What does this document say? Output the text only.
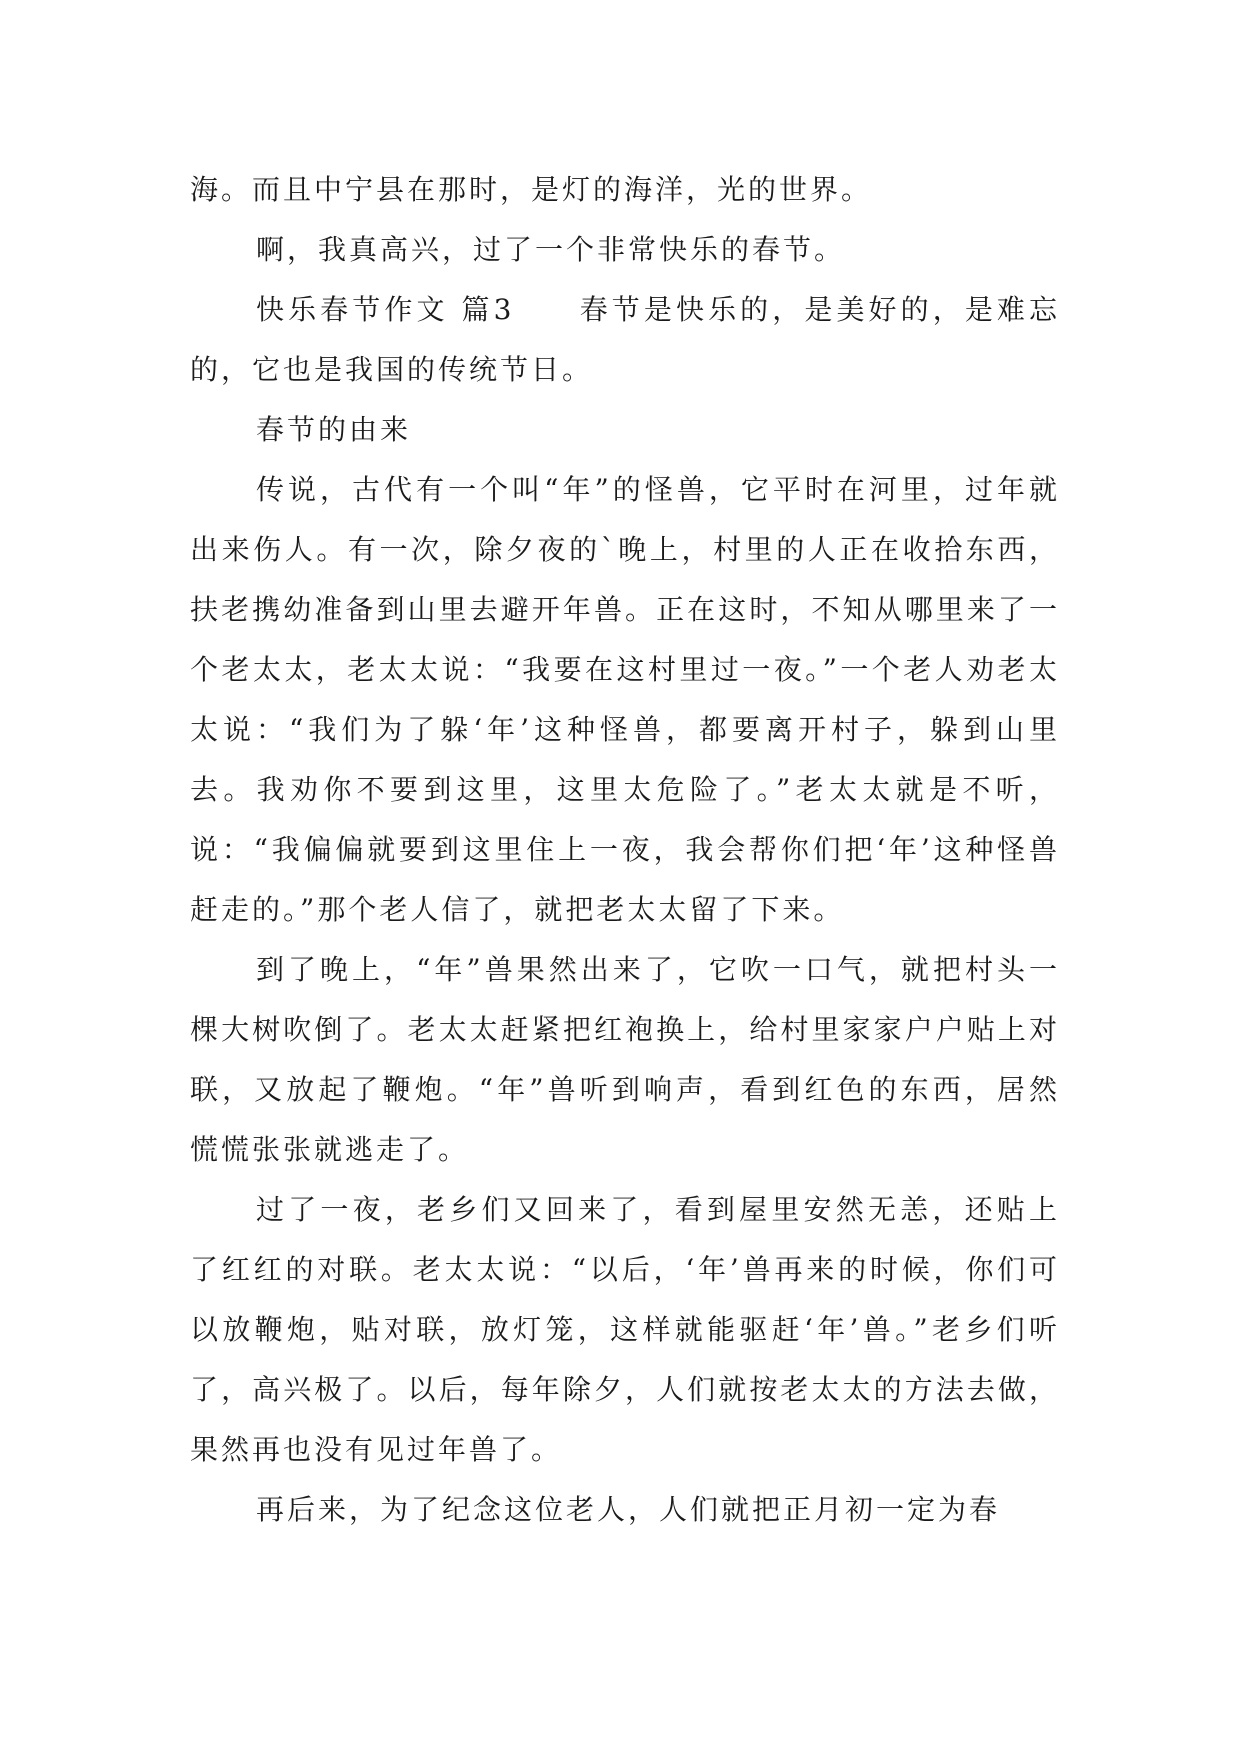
海。而且中宁县在那时，是灯的海洋，光的世界。

啊，我真高兴，过了一个非常快乐的春节。

快乐春节作文 篇3　　春节是快乐的，是美好的，是难忘的，它也是我国的传统节日。

春节的由来

传说，古代有一个叫“年”的怪兽，它平时在河里，过年就出来伤人。有一次，除夕夜的`晚上，村里的人正在收拾东西，扶老携幼准备到山里去避开年兽。正在这时，不知从哪里来了一个老太太，老太太说：“我要在这村里过一夜。”一个老人劝老太太说：“我们为了躲‘年’这种怪兽，都要离开村子，躲到山里去。我劝你不要到这里，这里太危险了。”老太太就是不听，说：“我偏偏就要到这里住上一夜，我会帮你们把‘年’这种怪兽赶走的。”那个老人信了，就把老太太留了下来。

到了晚上，“年”兽果然出来了，它吹一口气，就把村头一棵大树吹倒了。老太太赶紧把红袍换上，给村里家家户户贴上对联，又放起了鞭炮。“年”兽听到响声，看到红色的东西，居然慌慌张张就逃走了。

过了一夜，老乡们又回来了，看到屋里安然无恙，还贴上了红红的对联。老太太说：“以后，‘年’兽再来的时候，你们可以放鞭炮，贴对联，放灯笼，这样就能驱赶‘年’兽。”老乡们听了，高兴极了。以后，每年除夕，人们就按老太太的方法去做，果然再也没有见过年兽了。

再后来，为了纪念这位老人，人们就把正月初一定为春
